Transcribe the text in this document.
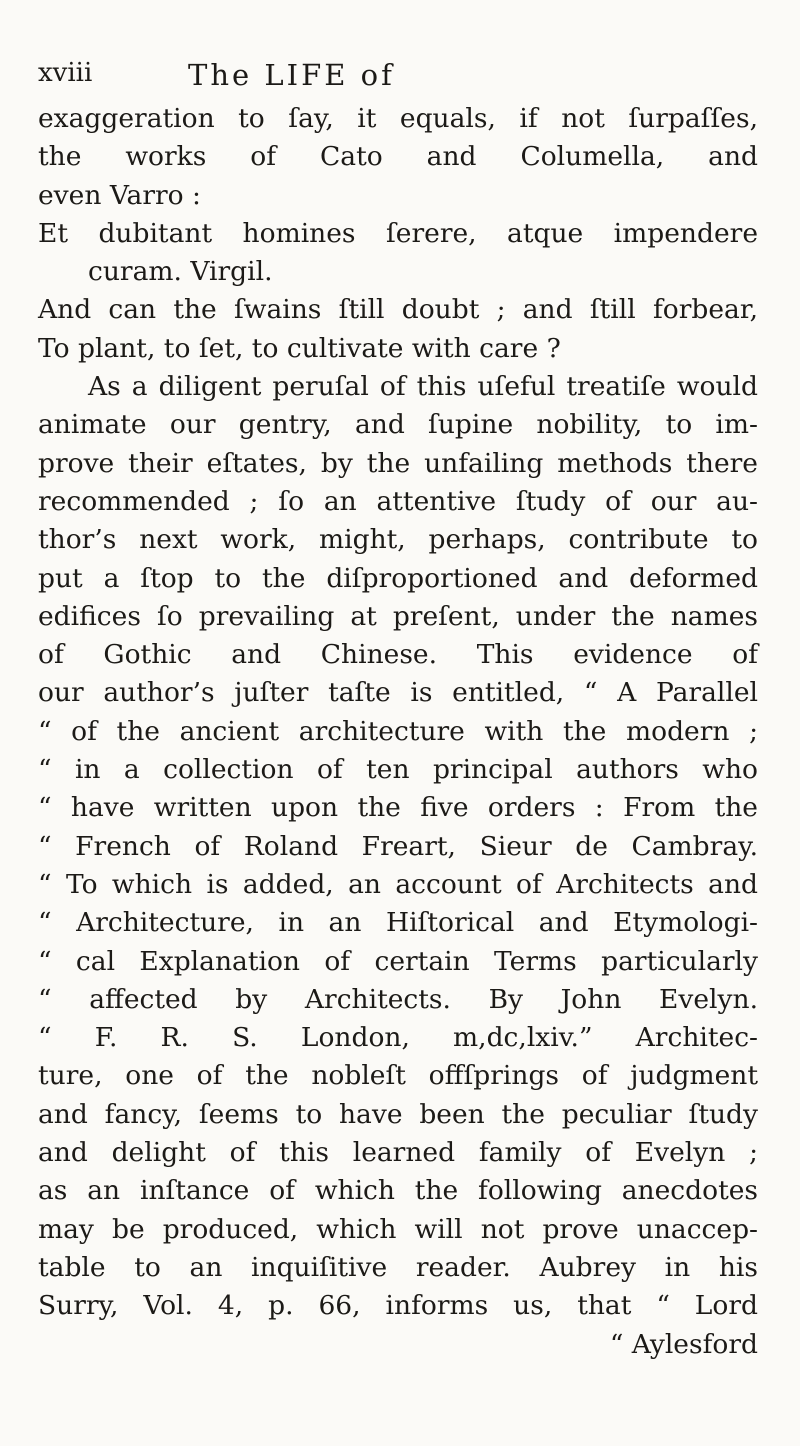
xviii	The LIFE of
exaggeration to ſay, it equals, if not ſurpaſſes,
the works of Cato and Columella, and
even Varro :
Et dubitant homines ſerere, atque impendere
curam. Virgil.
And can the ſwains ſtill doubt ; and ſtill forbear,
To plant, to ſet, to cultivate with care ?
As a diligent peruſal of this uſeful treatiſe would
animate our gentry, and ſupine nobility, to im-
prove their eſtates, by the unfailing methods there
recommended ; ſo an attentive ſtudy of our au-
thor’s next work, might, perhaps, contribute to
put a ſtop to the diſproportioned and deformed
edifices ſo prevailing at preſent, under the names
of Gothic and Chinese. This evidence of
our author’s juſter taſte is entitled, “ A Parallel
“ of the ancient architecture with the modern ;
“ in a collection of ten principal authors who
“ have written upon the five orders : From the
“ French of Roland Freart, Sieur de Cambray.
“ To which is added, an account of Architects and
“ Architecture, in an Hiſtorical and Etymologi-
“ cal Explanation of certain Terms particularly
“ affected by Architects. By John Evelyn.
“ F. R. S. London, m,dc,lxiv.” Architec-
ture, one of the nobleſt offſprings of judgment
and fancy, ſeems to have been the peculiar ſtudy
and delight of this learned family of Evelyn ;
as an inſtance of which the following anecdotes
may be produced, which will not prove unaccep-
table to an inquiſitive reader. Aubrey in his
Surry, Vol. 4, p. 66, informs us, that “ Lord
“ Aylesford
